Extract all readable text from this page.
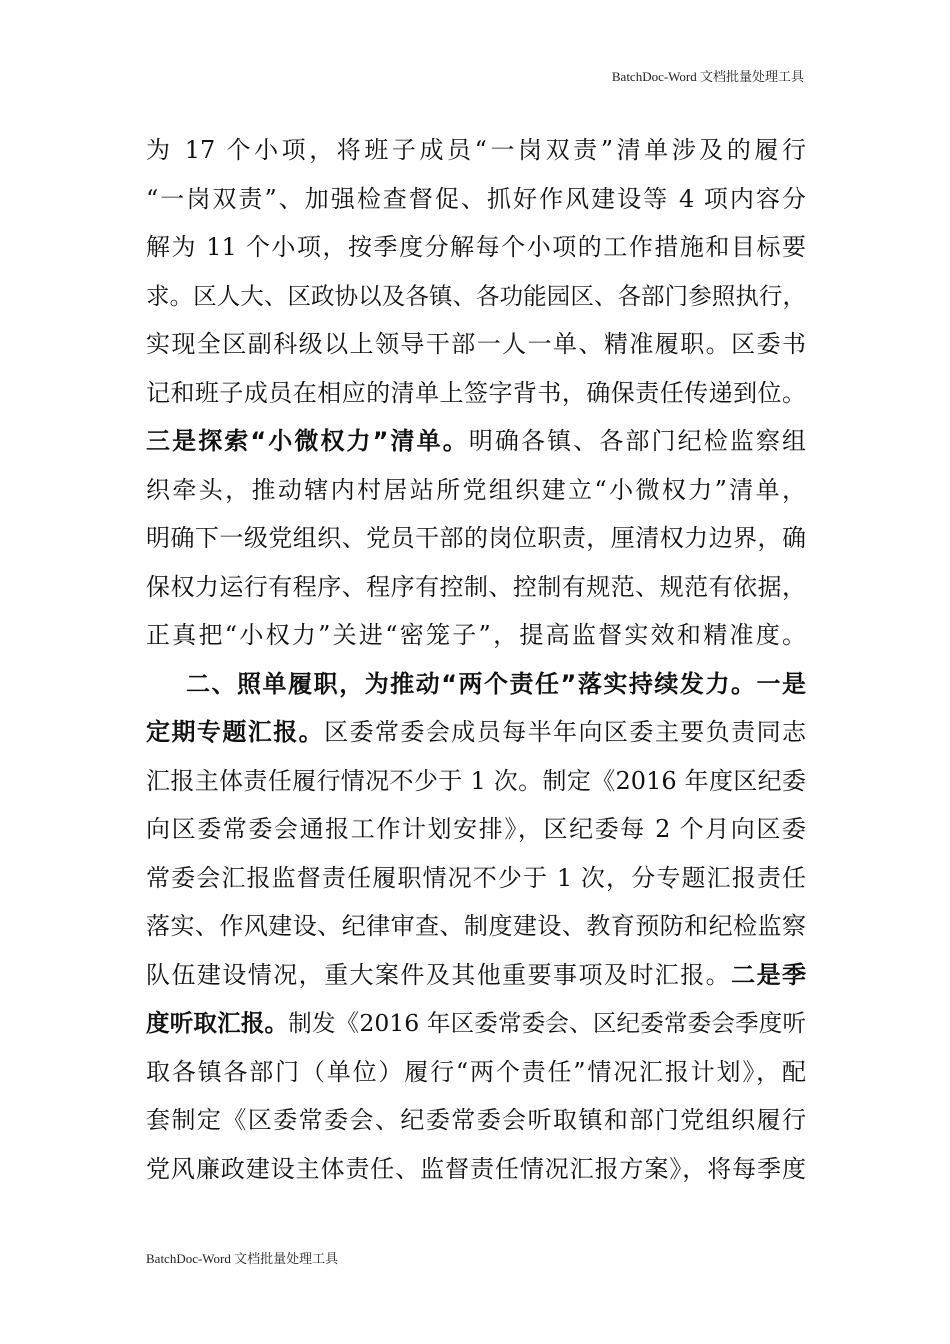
BatchDoc-Word 文档批量处理工具
为 17 个小项，将班子成员“一岗双责”清单涉及的履行
“一岗双责”、加强检查督促、抓好作风建设等 4 项内容分
解为 11 个小项，按季度分解每个小项的工作措施和目标要
求。区人大、区政协以及各镇、各功能园区、各部门参照执行，
实现全区副科级以上领导干部一人一单、精准履职。区委书
记和班子成员在相应的清单上签字背书，确保责任传递到位。
三是探索“小微权力”清单。明确各镇、各部门纪检监察组
织牵头，推动辖内村居站所党组织建立“小微权力”清单，
明确下一级党组织、党员干部的岗位职责，厘清权力边界，确
保权力运行有程序、程序有控制、控制有规范、规范有依据，
正真把“小权力”关进“密笼子”，提高监督实效和精准度。
二、照单履职，为推动“两个责任”落实持续发力。一是
定期专题汇报。区委常委会成员每半年向区委主要负责同志
汇报主体责任履行情况不少于 1 次。制定《2016 年度区纪委
向区委常委会通报工作计划安排》，区纪委每 2 个月向区委
常委会汇报监督责任履职情况不少于 1 次，分专题汇报责任
落实、作风建设、纪律审查、制度建设、教育预防和纪检监察
队伍建设情况，重大案件及其他重要事项及时汇报。二是季
度听取汇报。制发《2016 年区委常委会、区纪委常委会季度听
取各镇各部门（单位）履行“两个责任”情况汇报计划》，配
套制定《区委常委会、纪委常委会听取镇和部门党组织履行
党风廉政建设主体责任、监督责任情况汇报方案》，将每季度
BatchDoc-Word 文档批量处理工具
